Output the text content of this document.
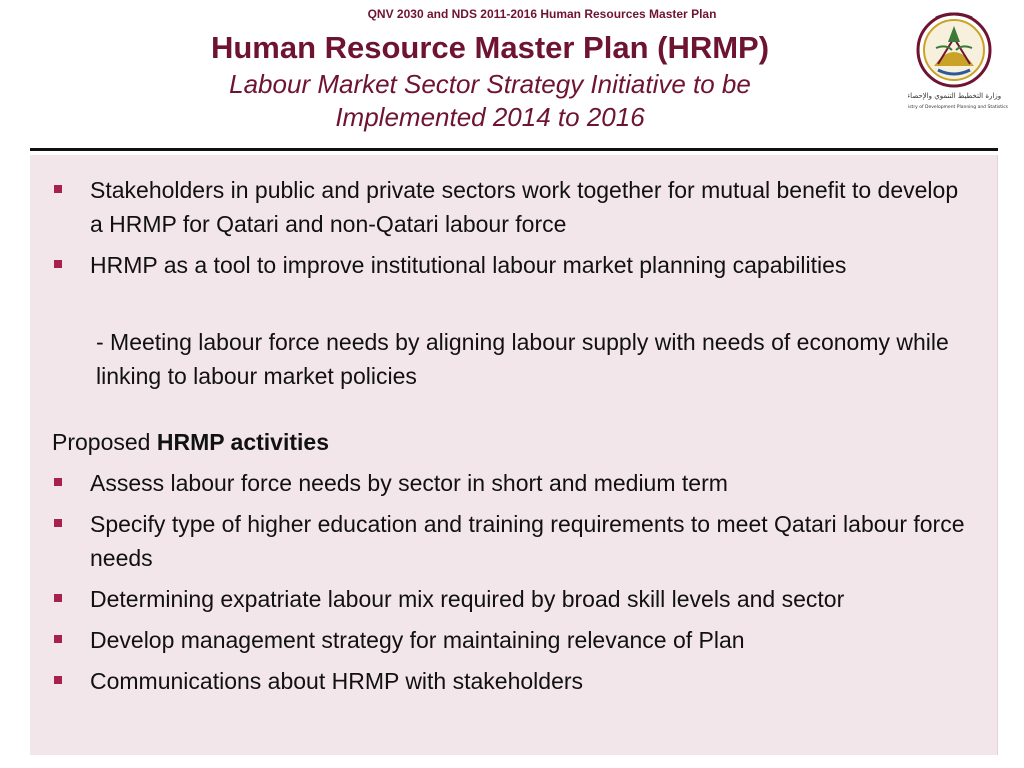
QNV 2030 and NDS 2011-2016 Human Resources Master Plan
Human Resource Master Plan (HRMP)

Labour Market Sector Strategy Initiative to be

Implemented 2014 to 2016

وزارة التخطيط التنموي والإحصاء
Ministry of Development Planning and Statistics
Stakeholders in public and private sectors work together for mutual benefit to develop a HRMP for Qatari and non-Qatari labour force
HRMP as a tool to improve institutional labour market planning capabilities
- Meeting labour force needs by aligning labour supply with needs of economy while linking to labour market policies
Proposed HRMP activities
Assess labour force needs by sector in short and medium term
Specify type of higher education and training requirements to meet Qatari labour force needs
Determining expatriate labour mix required by broad skill levels and sector
Develop management strategy for maintaining relevance of Plan
Communications about HRMP with stakeholders
